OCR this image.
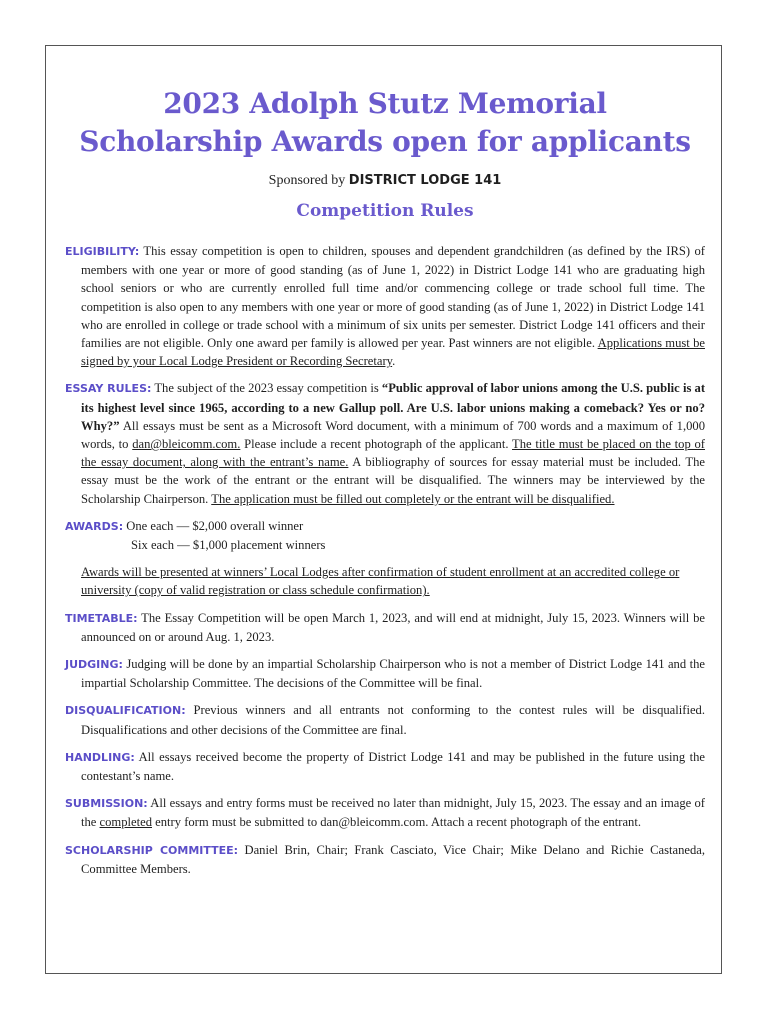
2023 Adolph Stutz Memorial
Scholarship Awards open for applicants
Sponsored by DISTRICT LODGE 141
Competition Rules

ELIGIBILITY: This essay competition is open to children, spouses and dependent grandchildren (as defined by the IRS) of members with one year or more of good standing (as of June 1, 2022) in District Lodge 141 who are graduating high school seniors or who are currently enrolled full time and/or commencing college or trade school full time. The competition is also open to any members with one year or more of good standing (as of June 1, 2022) in District Lodge 141 who are enrolled in college or trade school with a minimum of six units per semester. District Lodge 141 officers and their families are not eligible. Only one award per family is allowed per year. Past winners are not eligible. Applications must be signed by your Local Lodge President or Recording Secretary.

ESSAY RULES: The subject of the 2023 essay competition is “Public approval of labor unions among the U.S. public is at its highest level since 1965, according to a new Gallup poll. Are U.S. labor unions making a comeback? Yes or no? Why?” All essays must be sent as a Microsoft Word document, with a minimum of 700 words and a maximum of 1,000 words, to dan@bleicomm.com. Please include a recent photograph of the applicant. The title must be placed on the top of the essay document, along with the entrant’s name. A bibliography of sources for essay material must be included. The essay must be the work of the entrant or the entrant will be disqualified. The winners may be interviewed by the Scholarship Chairperson. The application must be filled out completely or the entrant will be disqualified.

AWARDS: One each — $2,000 overall winner

Six each — $1,000 placement winners

Awards will be presented at winners’ Local Lodges after confirmation of student enrollment at an accredited college or university (copy of valid registration or class schedule confirmation).

TIMETABLE: The Essay Competition will be open March 1, 2023, and will end at midnight, July 15, 2023. Winners will be announced on or around Aug. 1, 2023.

JUDGING: Judging will be done by an impartial Scholarship Chairperson who is not a member of District Lodge 141 and the impartial Scholarship Committee. The decisions of the Committee will be final.

DISQUALIFICATION: Previous winners and all entrants not conforming to the contest rules will be disqualified. Disqualifications and other decisions of the Committee are final.

HANDLING: All essays received become the property of District Lodge 141 and may be published in the future using the contestant’s name.

SUBMISSION: All essays and entry forms must be received no later than midnight, July 15, 2023. The essay and an image of the completed entry form must be submitted to dan@bleicomm.com. Attach a recent photograph of the entrant.

SCHOLARSHIP COMMITTEE: Daniel Brin, Chair; Frank Casciato, Vice Chair; Mike Delano and Richie Castaneda, Committee Members.
